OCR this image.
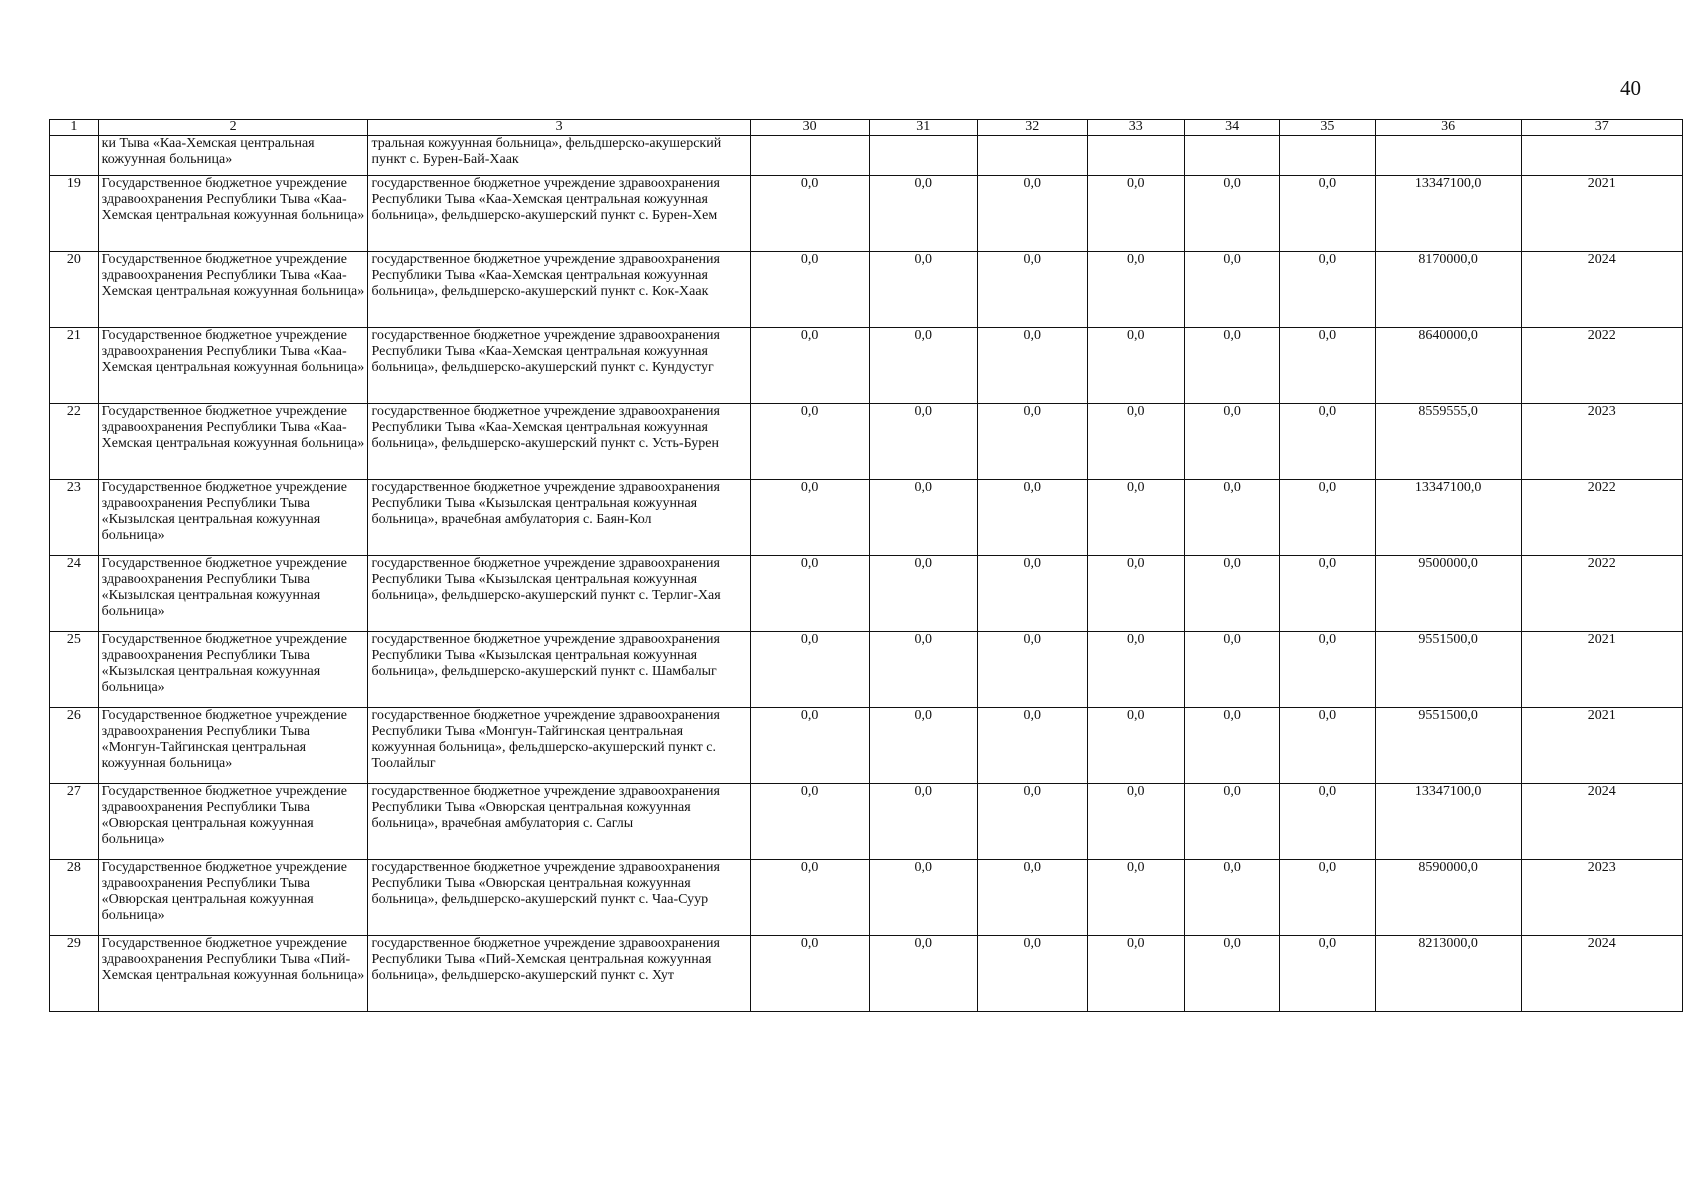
40
1	2	3	30	31	32	33	34	35	36	37
	ки Тыва «Каа-Хемская центральная кожуунная больница»	тральная кожуунная больница», фельдшерско-акушерский пункт с. Бурен-Бай-Хаак								
19	Государственное бюджетное учреждение здравоохранения Республики Тыва «Каа-Хемская центральная кожуунная больница»	государственное бюджетное учреждение здравоохранения Республики Тыва «Каа-Хемская центральная кожуунная больница», фельдшерско-акушерский пункт с. Бурен-Хем	0,0	0,0	0,0	0,0	0,0	0,0	13347100,0	2021
20	Государственное бюджетное учреждение здравоохранения Республики Тыва «Каа-Хемская центральная кожуунная больница»	государственное бюджетное учреждение здравоохранения Республики Тыва «Каа-Хемская центральная кожуунная больница», фельдшерско-акушерский пункт с. Кок-Хаак	0,0	0,0	0,0	0,0	0,0	0,0	8170000,0	2024
21	Государственное бюджетное учреждение здравоохранения Республики Тыва «Каа-Хемская центральная кожуунная больница»	государственное бюджетное учреждение здравоохранения Республики Тыва «Каа-Хемская центральная кожуунная больница», фельдшерско-акушерский пункт с. Кундустуг	0,0	0,0	0,0	0,0	0,0	0,0	8640000,0	2022
22	Государственное бюджетное учреждение здравоохранения Республики Тыва «Каа-Хемская центральная кожуунная больница»	государственное бюджетное учреждение здравоохранения Республики Тыва «Каа-Хемская центральная кожуунная больница», фельдшерско-акушерский пункт с. Усть-Бурен	0,0	0,0	0,0	0,0	0,0	0,0	8559555,0	2023
23	Государственное бюджетное учреждение здравоохранения Республики Тыва «Кызылская центральная кожуунная больница»	государственное бюджетное учреждение здравоохранения Республики Тыва «Кызылская центральная кожуунная больница», врачебная амбулатория с. Баян-Кол	0,0	0,0	0,0	0,0	0,0	0,0	13347100,0	2022
24	Государственное бюджетное учреждение здравоохранения Республики Тыва «Кызылская центральная кожуунная больница»	государственное бюджетное учреждение здравоохранения Республики Тыва «Кызылская центральная кожуунная больница», фельдшерско-акушерский пункт с. Терлиг-Хая	0,0	0,0	0,0	0,0	0,0	0,0	9500000,0	2022
25	Государственное бюджетное учреждение здравоохранения Республики Тыва «Кызылская центральная кожуунная больница»	государственное бюджетное учреждение здравоохранения Республики Тыва «Кызылская центральная кожуунная больница», фельдшерско-акушерский пункт с. Шамбалыг	0,0	0,0	0,0	0,0	0,0	0,0	9551500,0	2021
26	Государственное бюджетное учреждение здравоохранения Республики Тыва «Монгун-Тайгинская центральная кожуунная больница»	государственное бюджетное учреждение здравоохранения Республики Тыва «Монгун-Тайгинская центральная кожуунная больница», фельдшерско-акушерский пункт с. Тоолайлыг	0,0	0,0	0,0	0,0	0,0	0,0	9551500,0	2021
27	Государственное бюджетное учреждение здравоохранения Республики Тыва «Овюрская центральная кожуунная больница»	государственное бюджетное учреждение здравоохранения Республики Тыва «Овюрская центральная кожуунная больница», врачебная амбулатория с. Саглы	0,0	0,0	0,0	0,0	0,0	0,0	13347100,0	2024
28	Государственное бюджетное учреждение здравоохранения Республики Тыва «Овюрская центральная кожуунная больница»	государственное бюджетное учреждение здравоохранения Республики Тыва «Овюрская центральная кожуунная больница», фельдшерско-акушерский пункт с. Чаа-Суур	0,0	0,0	0,0	0,0	0,0	0,0	8590000,0	2023
29	Государственное бюджетное учреждение здравоохранения Республики Тыва «Пий-Хемская центральная кожуунная больница»	государственное бюджетное учреждение здравоохранения Республики Тыва «Пий-Хемская центральная кожуунная больница», фельдшерско-акушерский пункт с. Хут	0,0	0,0	0,0	0,0	0,0	0,0	8213000,0	2024
